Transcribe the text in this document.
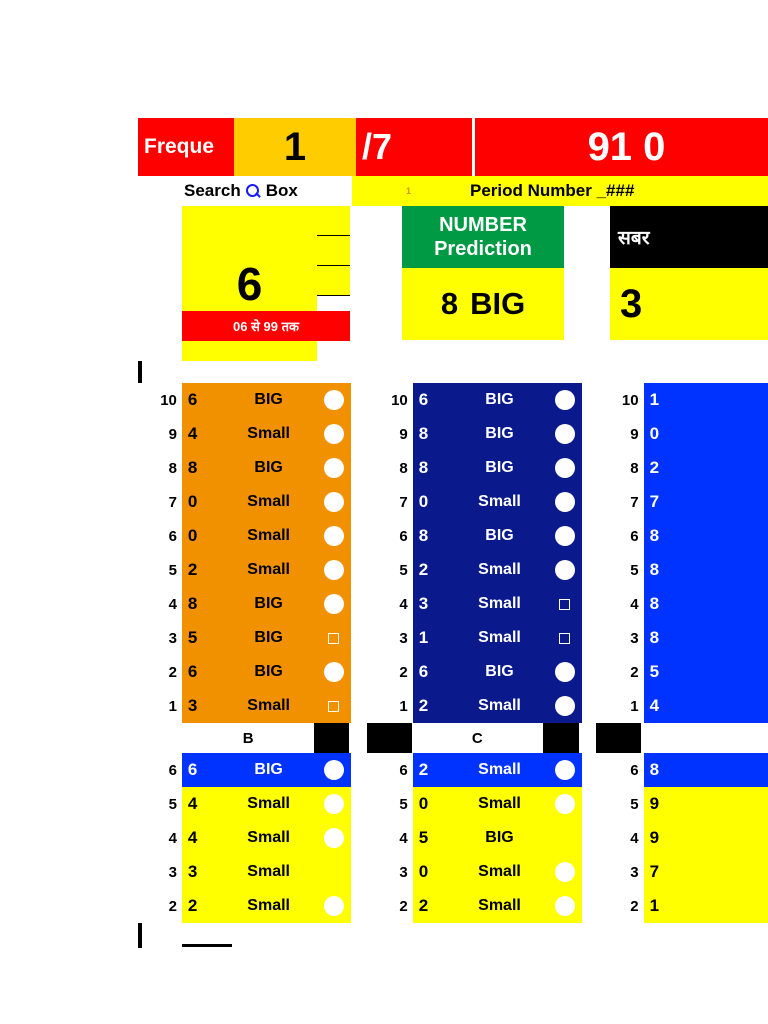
Freque	1	/7	91 0
Search Box	1	Period Number _###
6
NUMBER
Prediction
8 BIG
सबर
3
06 से 99 तक
10 6	BIG	10 6	BIG	10 1
9 4	Small	9 8	BIG	9 0
8 8	BIG	8 8	BIG	8 2
7 0	Small	7 0	Small	7 7
6 0	Small	6 8	BIG	6 8
5 2	Small	5 2	Small	5 8
4 8	BIG	4 3	Small	4 8
3 5	BIG	3 1	Small	3 8
2 6	BIG	2 6	BIG	2 5
1 3	Small	1 2	Small	1 4
B	C
6 6	BIG	6 2	Small	6 8
5 4	Small	5 0	Small	5 9
4 4	Small	4 5	BIG	4 9
3 3	Small	3 0	Small	3 7
2 2	Small	2 2	Small	2 1
